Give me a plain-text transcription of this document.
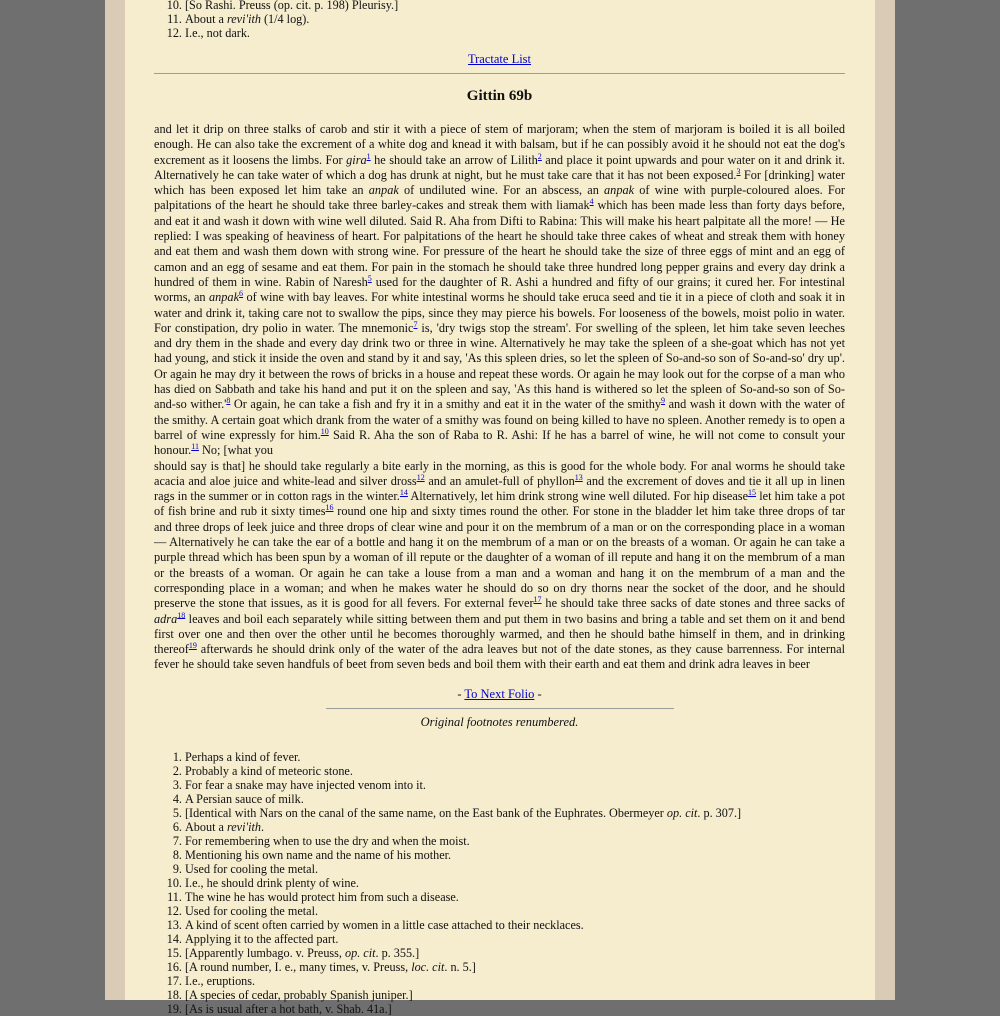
10. [So Rashi. Preuss (op. cit. p. 198) Pleurisy.]
11. About a revi'ith (1/4 log).
12. I.e., not dark.
Tractate List
Gittin 69b

and let it drip on three stalks of carob and stir it with a piece of stem of marjoram; when the stem of marjoram is boiled it is all boiled enough. He can also take the excrement of a white dog and knead it with balsam, but if he can possibly avoid it he should not eat the dog's excrement as it loosens the limbs. For gira$^1$ he should take an arrow of Lilith$^2$ and place it point upwards and pour water on it and drink it. Alternatively he can take water of which a dog has drunk at night, but he must take care that it has not been exposed.$^3$ For [drinking] water which has been exposed let him take an anpak of undiluted wine. For an abscess, an anpak of wine with purple-coloured aloes. For palpitations of the heart he should take three barley-cakes and streak them with liamak$^4$ which has been made less than forty days before, and eat it and wash it down with wine well diluted. Said R. Aha from Difti to Rabina: This will make his heart palpitate all the more! — He replied: I was speaking of heaviness of heart. For palpitations of the heart he should take three cakes of wheat and streak them with honey and eat them and wash them down with strong wine. For pressure of the heart he should take the size of three eggs of mint and an egg of camon and an egg of sesame and eat them. For pain in the stomach he should take three hundred long pepper grains and every day drink a hundred of them in wine. Rabin of Naresh$^5$ used for the daughter of R. Ashi a hundred and fifty of our grains; it cured her. For intestinal worms, an anpak$^6$ of wine with bay leaves. For white intestinal worms he should take eruca seed and tie it in a piece of cloth and soak it in water and drink it, taking care not to swallow the pips, since they may pierce his bowels. For looseness of the bowels, moist polio in water. For constipation, dry polio in water. The mnemonic$^7$ is, 'dry twigs stop the stream'. For swelling of the spleen, let him take seven leeches and dry them in the shade and every day drink two or three in wine. Alternatively he may take the spleen of a she-goat which has not yet had young, and stick it inside the oven and stand by it and say, 'As this spleen dries, so let the spleen of So-and-so son of So-and-so' dry up'. Or again he may dry it between the rows of bricks in a house and repeat these words. Or again he may look out for the corpse of a man who has died on Sabbath and take his hand and put it on the spleen and say, 'As this hand is withered so let the spleen of So-and-so son of So-and-so wither.'$^8$ Or again, he can take a fish and fry it in a smithy and eat it in the water of the smithy$^9$ and wash it down with the water of the smithy. A certain goat which drank from the water of a smithy was found on being killed to have no spleen. Another remedy is to open a barrel of wine expressly for him.$^{10}$ Said R. Aha the son of Raba to R. Ashi: If he has a barrel of wine, he will not come to consult your honour.$^{11}$ No; [what you
should say is that] he should take regularly a bite early in the morning, as this is good for the whole body. For anal worms he should take acacia and aloe juice and white-lead and silver dross$^{12}$ and an amulet-full of phyllon$^{13}$ and the excrement of doves and tie it all up in linen rags in the summer or in cotton rags in the winter.$^{14}$ Alternatively, let him drink strong wine well diluted. For hip disease$^{15}$ let him take a pot of fish brine and rub it sixty times$^{16}$ round one hip and sixty times round the other. For stone in the bladder let him take three drops of tar and three drops of leek juice and three drops of clear wine and pour it on the membrum of a man or on the corresponding place in a woman — Alternatively he can take the ear of a bottle and hang it on the membrum of a man or on the breasts of a woman. Or again he can take a purple thread which has been spun by a woman of ill repute or the daughter of a woman of ill repute and hang it on the membrum of a man or the breasts of a woman. Or again he can take a louse from a man and a woman and hang it on the membrum of a man and the corresponding place in a woman; and when he makes water he should do so on dry thorns near the socket of the door, and he should preserve the stone that issues, as it is good for all fevers. For external fever$^{17}$ he should take three sacks of date stones and three sacks of adra$^{18}$ leaves and boil each separately while sitting between them and put them in two basins and bring a table and set them on it and bend first over one and then over the other until he becomes thoroughly warmed, and then he should bathe himself in them, and in drinking thereof$^{19}$ afterwards he should drink only of the water of the adra leaves but not of the date stones, as they cause barrenness. For internal fever he should take seven handfuls of beet from seven beds and boil them with their earth and eat them and drink adra leaves in beer

- To Next Folio -
Original footnotes renumbered.
1. Perhaps a kind of fever.
2. Probably a kind of meteoric stone.
3. For fear a snake may have injected venom into it.
4. A Persian sauce of milk.
5. [Identical with Nars on the canal of the same name, on the East bank of the Euphrates. Obermeyer op. cit. p. 307.]
6. About a revi'ith.
7. For remembering when to use the dry and when the moist.
8. Mentioning his own name and the name of his mother.
9. Used for cooling the metal.
10. I.e., he should drink plenty of wine.
11. The wine he has would protect him from such a disease.
12. Used for cooling the metal.
13. A kind of scent often carried by women in a little case attached to their necklaces.
14. Applying it to the affected part.
15. [Apparently lumbago. v. Preuss, op. cit. p. 355.]
16. [A round number, I. e., many times, v. Preuss, loc. cit. n. 5.]
17. I.e., eruptions.
18. [A species of cedar, probably Spanish juniper.]
19. [As is usual after a hot bath, v. Shab. 41a.]
